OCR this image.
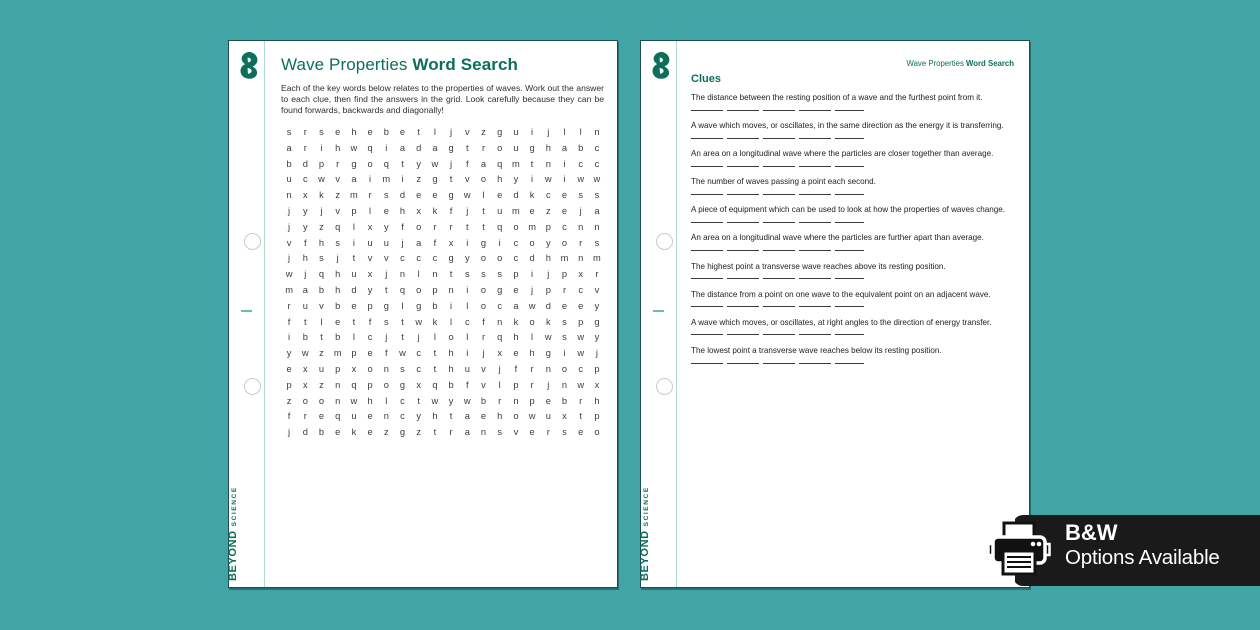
BEYONDSCIENCE
Wave Properties Word Search

Each of the key words below relates to the properties of waves. Work out the answer to each clue, then find the answers in the grid. Look carefully because they can be found forwards, backwards and diagonally!

s	r	s	e	h	e	b	e	t	l	j	v	z	g	u	i	j	l	l	n
a	r	i	h	w	q	i	a	d	a	g	t	r	o	u	g	h	a	b	c
b	d	p	r	g	o	q	t	y	w	j	f	a	q	m	t	n	i	c	c
u	c	w	v	a	i	m	i	z	g	t	v	o	h	y	i	w	i	w	w
n	x	k	z	m	r	s	d	e	e	g	w	l	e	d	k	c	e	s	s
j	y	j	v	p	l	e	h	x	k	f	j	t	u	m	e	z	e	j	a
j	y	z	q	l	x	y	f	o	r	r	t	t	q	o	m	p	c	n	n
v	f	h	s	i	u	u	j	a	f	x	i	g	i	c	o	y	o	r	s
j	h	s	j	t	v	v	c	c	c	g	y	o	o	c	d	h	m	n	m
w	j	q	h	u	x	j	n	l	n	t	s	s	s	p	i	j	p	x	r
m	a	b	h	d	y	t	q	o	p	n	i	o	g	e	j	p	r	c	v
r	u	v	b	e	p	g	l	g	b	i	l	o	c	a	w	d	e	e	y
f	t	l	e	t	f	s	t	w	k	l	c	f	n	k	o	k	s	p	g
i	b	t	b	l	c	j	t	j	l	o	l	r	q	h	l	w	s	w	y
y	w	z	m	p	e	f	w	c	t	h	i	j	x	e	h	g	i	w	j
e	x	u	p	x	o	n	s	c	t	h	u	v	j	f	r	n	o	c	p
p	x	z	n	q	p	o	g	x	q	b	f	v	l	p	r	j	n	w	x
z	o	o	n	w	h	l	c	t	w	y	w	b	r	n	p	e	b	r	h
f	r	e	q	u	e	n	c	y	h	t	a	e	h	o	w	u	x	t	p
j	d	b	e	k	e	z	g	z	t	r	a	n	s	v	e	r	s	e	o
BEYONDSCIENCE
Wave Properties Word Search
Clues
The distance between the resting position of a wave and the furthest point from it.
A wave which moves, or oscillates, in the same direction as the energy it is transferring.
An area on a longitudinal wave where the particles are closer together than average.
The number of waves passing a point each second.
A piece of equipment which can be used to look at how the properties of waves change.
An area on a longitudinal wave where the particles are further apart than average.
The highest point a transverse wave reaches above its resting position.
The distance from a point on one wave to the equivalent point on an adjacent wave.
A wave which moves, or oscillates, at right angles to the direction of energy transfer.
The lowest point a transverse wave reaches below its resting position.
B&W
Options Available
